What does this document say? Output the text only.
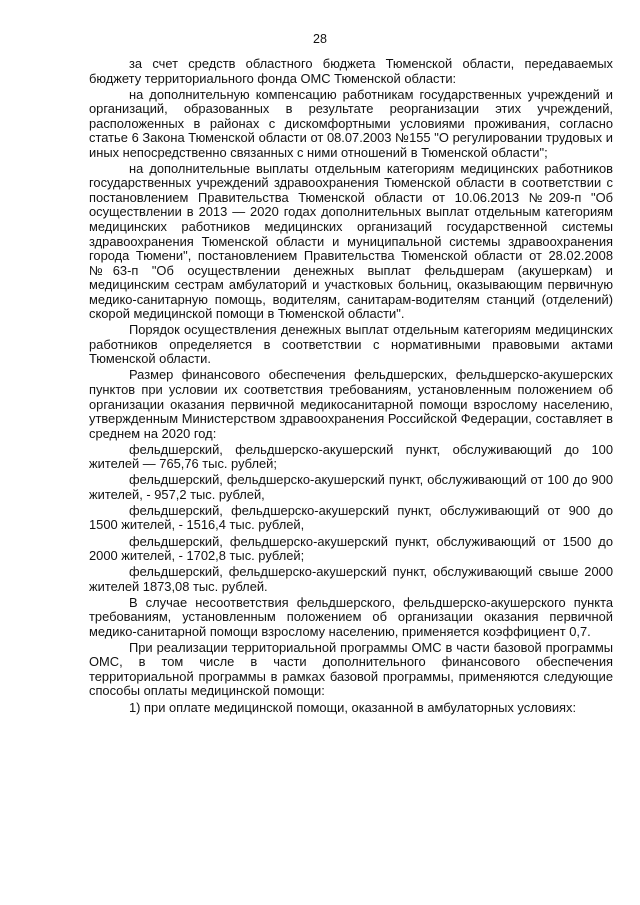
28

за счет средств областного бюджета Тюменской области, передаваемых бюджету территориального фонда ОМС Тюменской области:

на дополнительную компенсацию работникам государственных учреждений и организаций, образованных в результате реорганизации этих учреждений, расположенных в районах с дискомфортными условиями проживания, согласно статье 6 Закона Тюменской области от 08.07.2003 №155 "О регулировании трудовых и иных непосредственно связанных с ними отношений в Тюменской области";

на дополнительные выплаты отдельным категориям медицинских работников государственных учреждений здравоохранения Тюменской области в соответствии с постановлением Правительства Тюменской области от 10.06.2013 №209-п "Об осуществлении в 2013 — 2020 годах дополнительных выплат отдельным категориям медицинских работников медицинских организаций государственной системы здравоохранения Тюменской области и муниципальной системы здравоохранения города Тюмени", постановлением Правительства Тюменской области от 28.02.2008 №63-п "Об осуществлении денежных выплат фельдшерам (акушеркам) и медицинским сестрам амбулаторий и участковых больниц, оказывающим первичную медико-санитарную помощь, водителям, санитарам-водителям станций (отделений) скорой медицинской помощи в Тюменской области".

Порядок осуществления денежных выплат отдельным категориям медицинских работников определяется в соответствии с нормативными правовыми актами Тюменской области.

Размер финансового обеспечения фельдшерских, фельдшерско-акушерских пунктов при условии их соответствия требованиям, установленным положением об организации оказания первичной медикосанитарной помощи взрослому населению, утвержденным Министерством здравоохранения Российской Федерации, составляет в среднем на 2020 год:

фельдшерский, фельдшерско-акушерский пункт, обслуживающий до 100 жителей — 765,76 тыс. рублей;

фельдшерский, фельдшерско-акушерский пункт, обслуживающий от 100 до 900 жителей, - 957,2 тыс. рублей,

фельдшерский, фельдшерско-акушерский пункт, обслуживающий от 900 до 1500 жителей, - 1516,4 тыс. рублей,

фельдшерский, фельдшерско-акушерский пункт, обслуживающий от 1500 до 2000 жителей, - 1702,8 тыс. рублей;

фельдшерский, фельдшерско-акушерский пункт, обслуживающий свыше 2000 жителей 1873,08 тыс. рублей.

В случае несоответствия фельдшерского, фельдшерско-акушерского пункта требованиям, установленным положением об организации оказания первичной медико-санитарной помощи взрослому населению, применяется коэффициент 0,7.

При реализации территориальной программы ОМС в части базовой программы ОМС, в том числе в части дополнительного финансового обеспечения территориальной программы в рамках базовой программы, применяются следующие способы оплаты медицинской помощи:

1) при оплате медицинской помощи, оказанной в амбулаторных условиях:
